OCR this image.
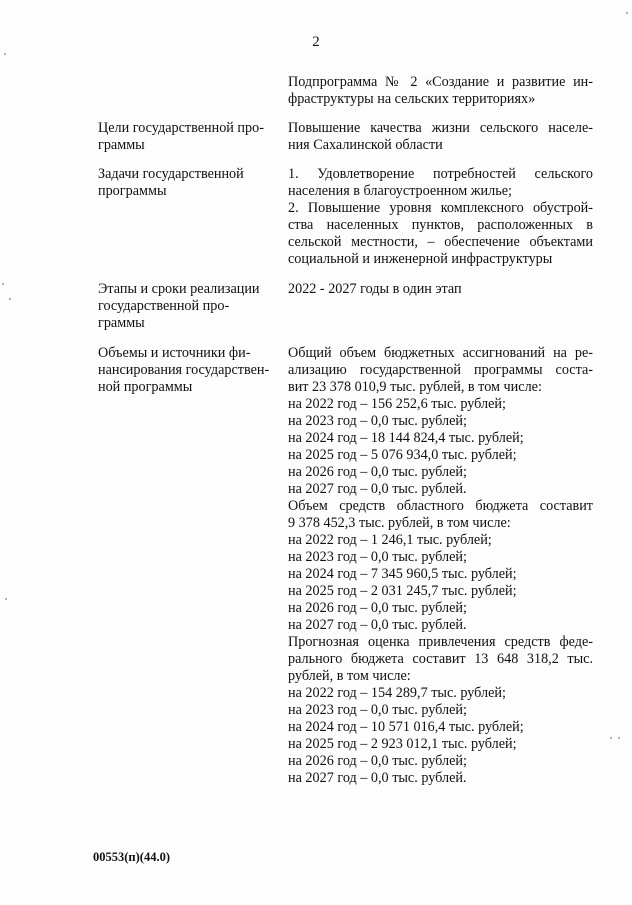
2
Подпрограмма № 2 «Создание и развитие ин-
фраструктуры на сельских территориях»
Цели государственной про-
граммы
Повышение качества жизни сельского населе-
ния Сахалинской области
Задачи государственной
программы
1. Удовлетворение потребностей сельского
населения в благоустроенном жилье;
2. Повышение уровня комплексного обустрой-
ства населенных пунктов, расположенных в
сельской местности, – обеспечение объектами
социальной и инженерной инфраструктуры
Этапы и сроки реализации
государственной про-
граммы
2022 - 2027 годы в один этап
Объемы и источники фи-
нансирования государствен-
ной программы
Общий объем бюджетных ассигнований на ре-
ализацию государственной программы соста-
вит 23 378 010,9 тыс. рублей, в том числе:
на 2022 год – 156 252,6 тыс. рублей;
на 2023 год – 0,0 тыс. рублей;
на 2024 год – 18 144 824,4 тыс. рублей;
на 2025 год – 5 076 934,0 тыс. рублей;
на 2026 год – 0,0 тыс. рублей;
на 2027 год – 0,0 тыс. рублей.
Объем средств областного бюджета составит
9 378 452,3 тыс. рублей, в том числе:
на 2022 год – 1 246,1 тыс. рублей;
на 2023 год – 0,0 тыс. рублей;
на 2024 год – 7 345 960,5 тыс. рублей;
на 2025 год – 2 031 245,7 тыс. рублей;
на 2026 год – 0,0 тыс. рублей;
на 2027 год – 0,0 тыс. рублей.
Прогнозная оценка привлечения средств феде-
рального бюджета составит 13 648 318,2 тыс.
рублей, в том числе:
на 2022 год – 154 289,7 тыс. рублей;
на 2023 год – 0,0 тыс. рублей;
на 2024 год – 10 571 016,4 тыс. рублей;
на 2025 год – 2 923 012,1 тыс. рублей;
на 2026 год – 0,0 тыс. рублей;
на 2027 год – 0,0 тыс. рублей.
00553(п)(44.0)
